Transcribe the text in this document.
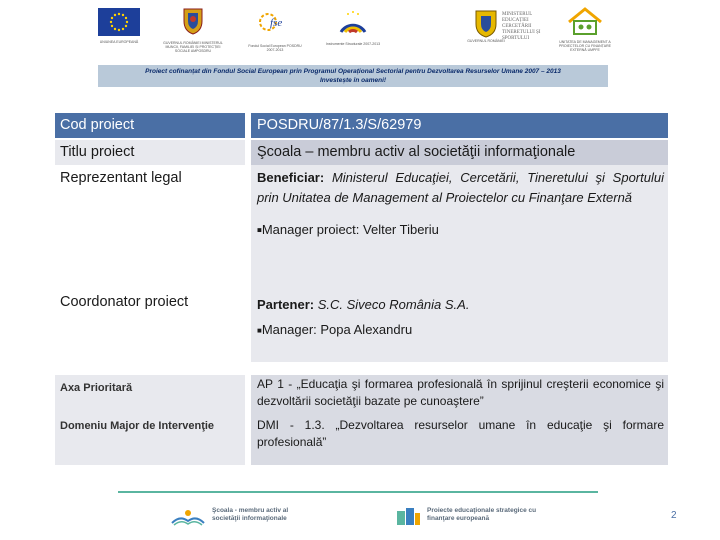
UNIUNEA EUROPEANĂ	GUVERNUL ROMÂNIEI MINISTERUL MUNCII, FAMILIEI ȘI PROTECȚIEI SOCIALE AMPOSDRU
fse
Fondul Social European POSDRU 2007-2013
Instrumente Structurale 2007-2013
GUVERNUL ROMÂNIEI
MINISTERUL EDUCAȚIEI CERCETĂRII TINERETULUI ȘI SPORTULUI
UNITATEA DE MANAGEMENT A PROIECTELOR CU FINANȚARE EXTERNĂ UMPFE
Proiect cofinanțat din Fondul Social European prin Programul Operațional Sectorial pentru Dezvoltarea Resurselor Umane 2007 – 2013
Investește în oameni!
Cod proiect	POSDRU/87/1.3/S/62979
Titlu proiect	Şcoala – membru activ al societăţii informaţionale
Reprezentant legal	Beneficiar: Ministerul Educaţiei, Cercetării, Tineretului şi Sportului prin Unitatea de Management al Proiectelor cu Finanţare Externă
■Manager proiect: Velter Tiberiu
Coordonator proiect	Partener: S.C. Siveco România S.A.
■Manager: Popa Alexandru
Axa Prioritară	AP 1 - „Educaţia şi formarea profesională în sprijinul creşterii economice şi dezvoltării societăţii bazate pe cunoaştere”
Domeniu Major de Intervenţie	DMI - 1.3. „Dezvoltarea resurselor umane în educaţie şi formare profesională”
Şcoala - membru activ al societăţii informaţionale
Proiecte educaţionale strategice cu finanţare europeană	2
